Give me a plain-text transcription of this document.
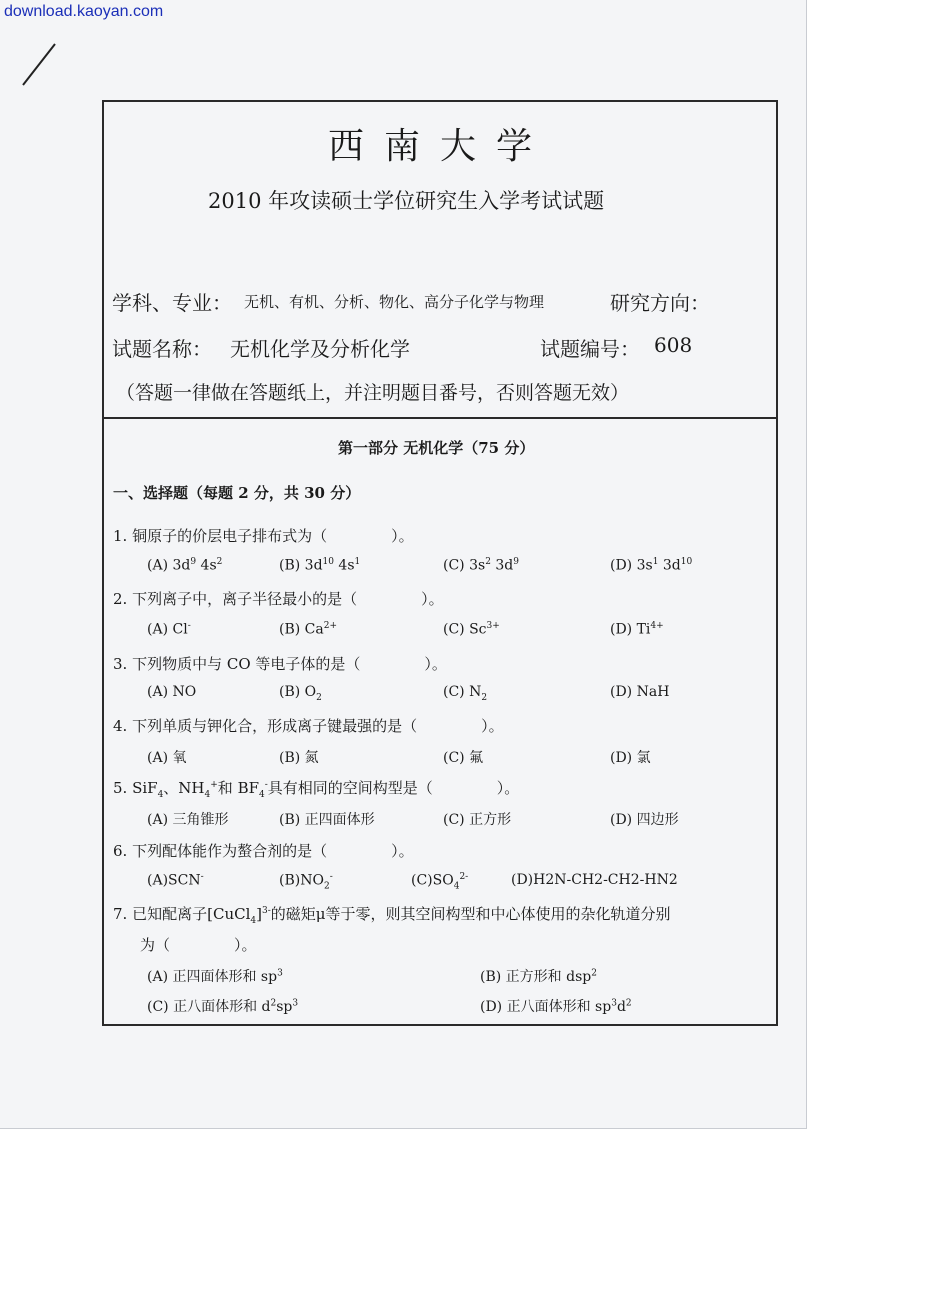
download.kaoyan.com
西南大学
2010 年攻读硕士学位研究生入学考试试题
学科、专业： 无机、有机、分析、物化、高分子化学与物理	研究方向：
试题名称： 无机化学及分析化学	试题编号： 608
（答题一律做在答题纸上，并注明题目番号，否则答题无效）
第一部分 无机化学（75 分）
一、选择题（每题 2 分，共 30 分）
1. 铜原子的价层电子排布式为（	）。
(A) $3d^9$ $4s^2$	(B) $3d^{10}$ $4s^1$	(C) $3s^2$ $3d^9$	(D) $3s^1$ $3d^{10}$
2. 下列离子中，离子半径最小的是（	）。
(A) Cl-	(B) $Ca^{2+}$	(C) $Sc^{3+}$	(D) $Ti^{4+}$
3. 下列物质中与 CO 等电子体的是（	）。
(A) NO	(B) $O_2$	(C) $N_2$	(D) NaH
4. 下列单质与钾化合，形成离子键最强的是（	）。
(A) 氧	(B) 氮	(C) 氟	(D) 氯
5. SiF$_4$、$NH_4^+$和 $BF_4^-$具有相同的空间构型是（	）。
(A) 三角锥形	(B) 正四面体形	(C) 正方形	(D) 四边形
6. 下列配体能作为螯合剂的是（	）。
(A)SCN-	$(B)NO_2^-$	$(C)SO_4^{2-}$	(D)H2N-CH2-CH2-HN2
7. 已知配离子[CuCl$_4$]$^{3-}$的磁矩μ等于零，则其空间构型和中心体使用的杂化轨道分别
为（	）。
(A) 正四面体形和 $sp^3$	(B) 正方形和 dsp$^2$
(C) 正八面体形和 $d^2sp^3$	(D) 正八面体形和 $sp^3d^2$
